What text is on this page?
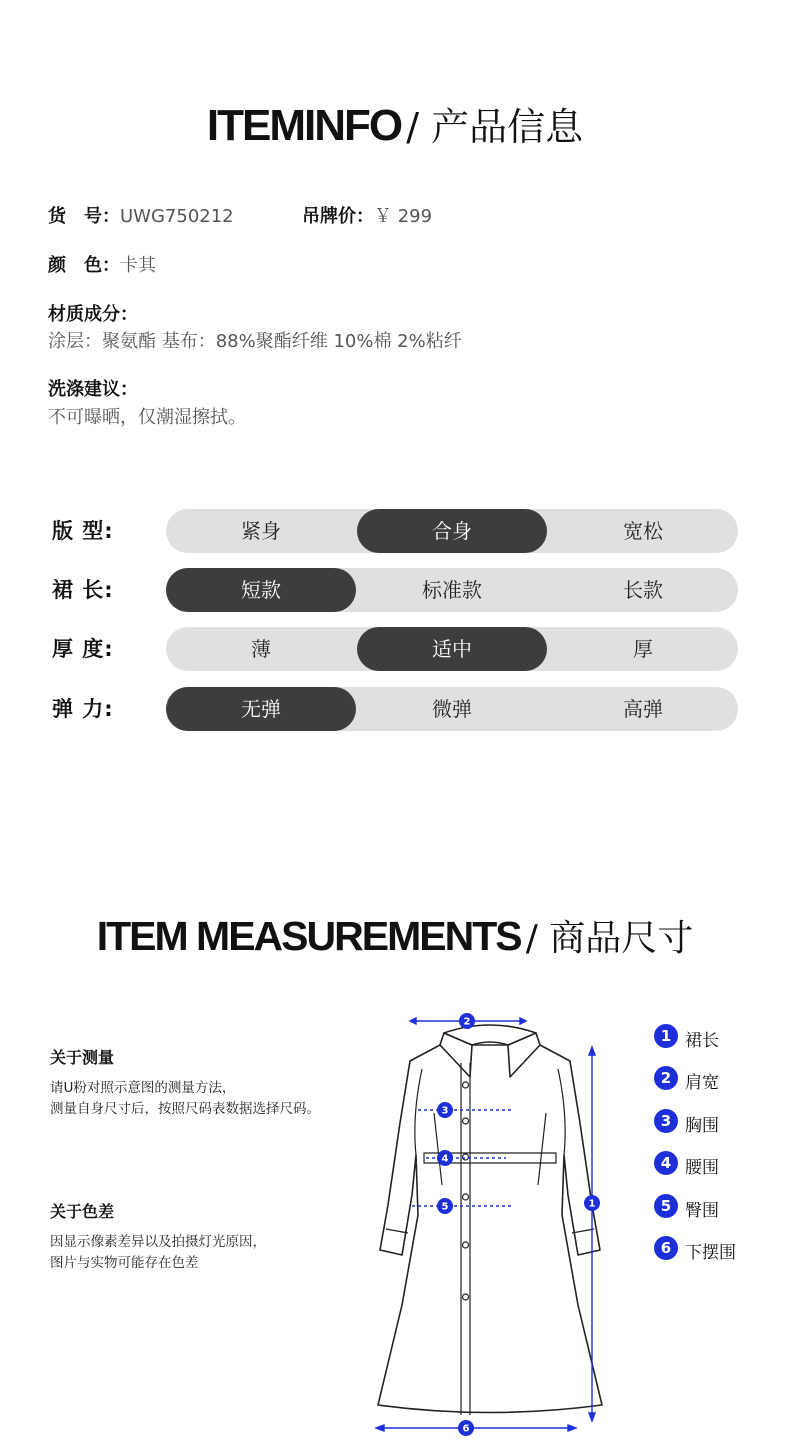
ITEMINFO / 产品信息
货　号：UWG750212	吊牌价：￥ 299
颜　色：卡其
材质成分：
涂层：聚氨酯 基布：88%聚酯纤维 10%棉 2%粘纤
洗涤建议：
不可曝晒，仅潮湿擦拭。
版 型:	紧身	合身	宽松
裙 长:	短款	标准款	长款
厚 度:	薄	适中	厚
弹 力:	无弹	微弹	高弹
ITEM MEASUREMENTS / 商品尺寸
关于测量
请U粉对照示意图的测量方法，
测量自身尺寸后，按照尺码表数据选择尺码。
关于色差
因显示像素差异以及拍摄灯光原因，
图片与实物可能存在色差
2
3
4
5	1
6
1 裙长
2 肩宽
3 胸围
4 腰围
5 臀围
6 下摆围
